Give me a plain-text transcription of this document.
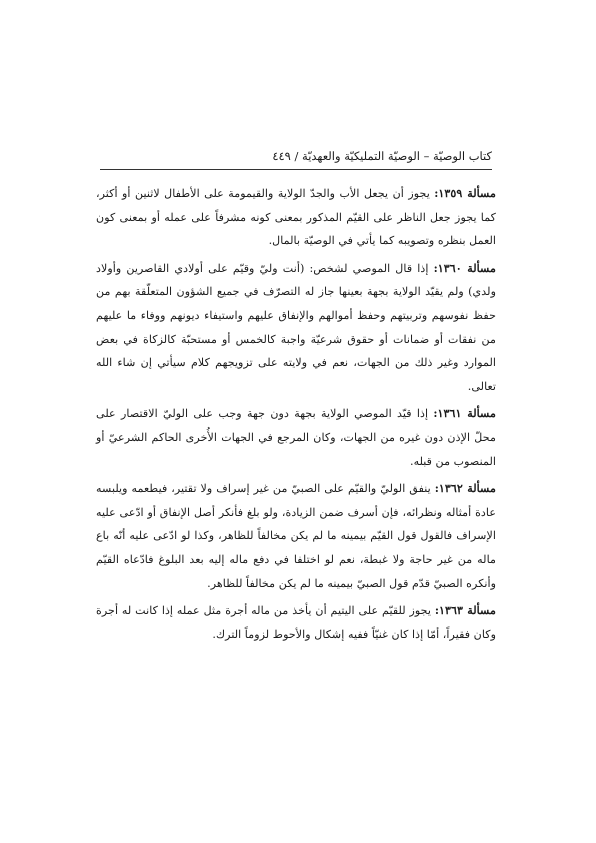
كتاب الوصيّة – الوصيّة التمليكيّة والعهديّة / ٤٤٩

مسألة ١٣٥٩: يجوز أن يجعل الأب والجدّ الولاية والقيمومة على الأطفال لاثنين أو أكثر، كما يجوز جعل الناظر على القيّم المذكور بمعنى كونه مشرفاً على عمله أو بمعنى كون العمل بنظره وتصويبه كما يأتي في الوصيّة بالمال.

مسألة ١٣٦٠: إذا قال الموصي لشخص: (أنت وليّ وقيّم على أولادي القاصرين وأولاد ولدي) ولم يقيّد الولاية بجهة بعينها جاز له التصرّف في جميع الشؤون المتعلّقة بهم من حفظ نفوسهم وتربيتهم وحفظ أموالهم والإنفاق عليهم واستيفاء ديونهم ووفاء ما عليهم من نفقات أو ضمانات أو حقوق شرعيّة واجبة كالخمس أو مستحبّة كالزكاة في بعض الموارد وغير ذلك من الجهات، نعم في ولايته على تزويجهم كلام سيأتي إن شاء الله تعالى.

مسألة ١٣٦١: إذا قيّد الموصي الولاية بجهة دون جهة وجب على الوليّ الاقتصار على محلّ الإذن دون غيره من الجهات، وكان المرجع في الجهات الأُخرى الحاكم الشرعيّ أو المنصوب من قبله.

مسألة ١٣٦٢: ينفق الوليّ والقيّم على الصبيّ من غير إسراف ولا تقتير، فيطعمه ويلبسه عادة أمثاله ونظرائه، فإن أسرف ضمن الزيادة، ولو بلغ فأنكر أصل الإنفاق أو ادّعى عليه الإسراف فالقول قول القيّم بيمينه ما لم يكن مخالفاً للظاهر، وكذا لو ادّعى عليه أنّه باع ماله من غير حاجة ولا غبطة، نعم لو اختلفا في دفع ماله إليه بعد البلوغ فادّعاه القيّم وأنكره الصبيّ قدّم قول الصبيّ بيمينه ما لم يكن مخالفاً للظاهر.

مسألة ١٣٦٣: يجوز للقيّم على اليتيم أن يأخذ من ماله أجرة مثل عمله إذا كانت له أجرة وكان فقيراً، أمّا إذا كان غنيّاً ففيه إشكال والأحوط لزوماً الترك.
